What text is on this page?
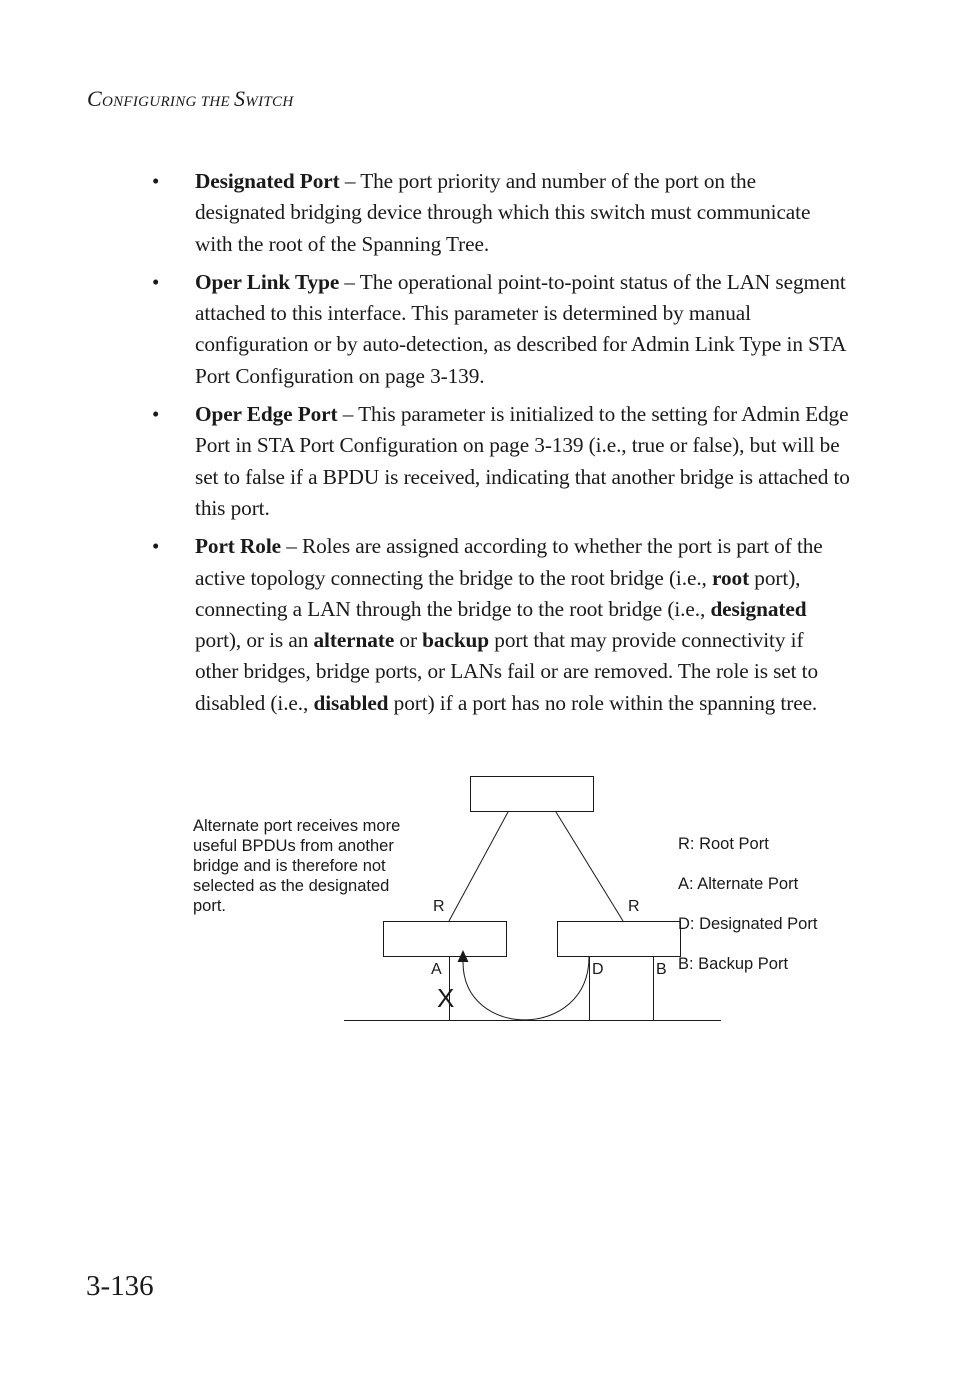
CONFIGURING THE SWITCH
• Designated Port – The port priority and number of the port on the designated bridging device through which this switch must communicate with the root of the Spanning Tree.
• Oper Link Type – The operational point-to-point status of the LAN segment attached to this interface. This parameter is determined by manual configuration or by auto-detection, as described for Admin Link Type in STA Port Configuration on page 3-139.
• Oper Edge Port – This parameter is initialized to the setting for Admin Edge Port in STA Port Configuration on page 3-139 (i.e., true or false), but will be set to false if a BPDU is received, indicating that another bridge is attached to this port.
• Port Role – Roles are assigned according to whether the port is part of the active topology connecting the bridge to the root bridge (i.e., root port), connecting a LAN through the bridge to the root bridge (i.e., designated port), or is an alternate or backup port that may provide connectivity if other bridges, bridge ports, or LANs fail or are removed. The role is set to disabled (i.e., disabled port) if a port has no role within the spanning tree.
X
R	R
A	D	B
Alternate port receives more
useful BPDUs from another
bridge and is therefore not
selected as the designated
port.

R: Root Port

A: Alternate Port

D: Designated Port

B: Backup Port

3-136
